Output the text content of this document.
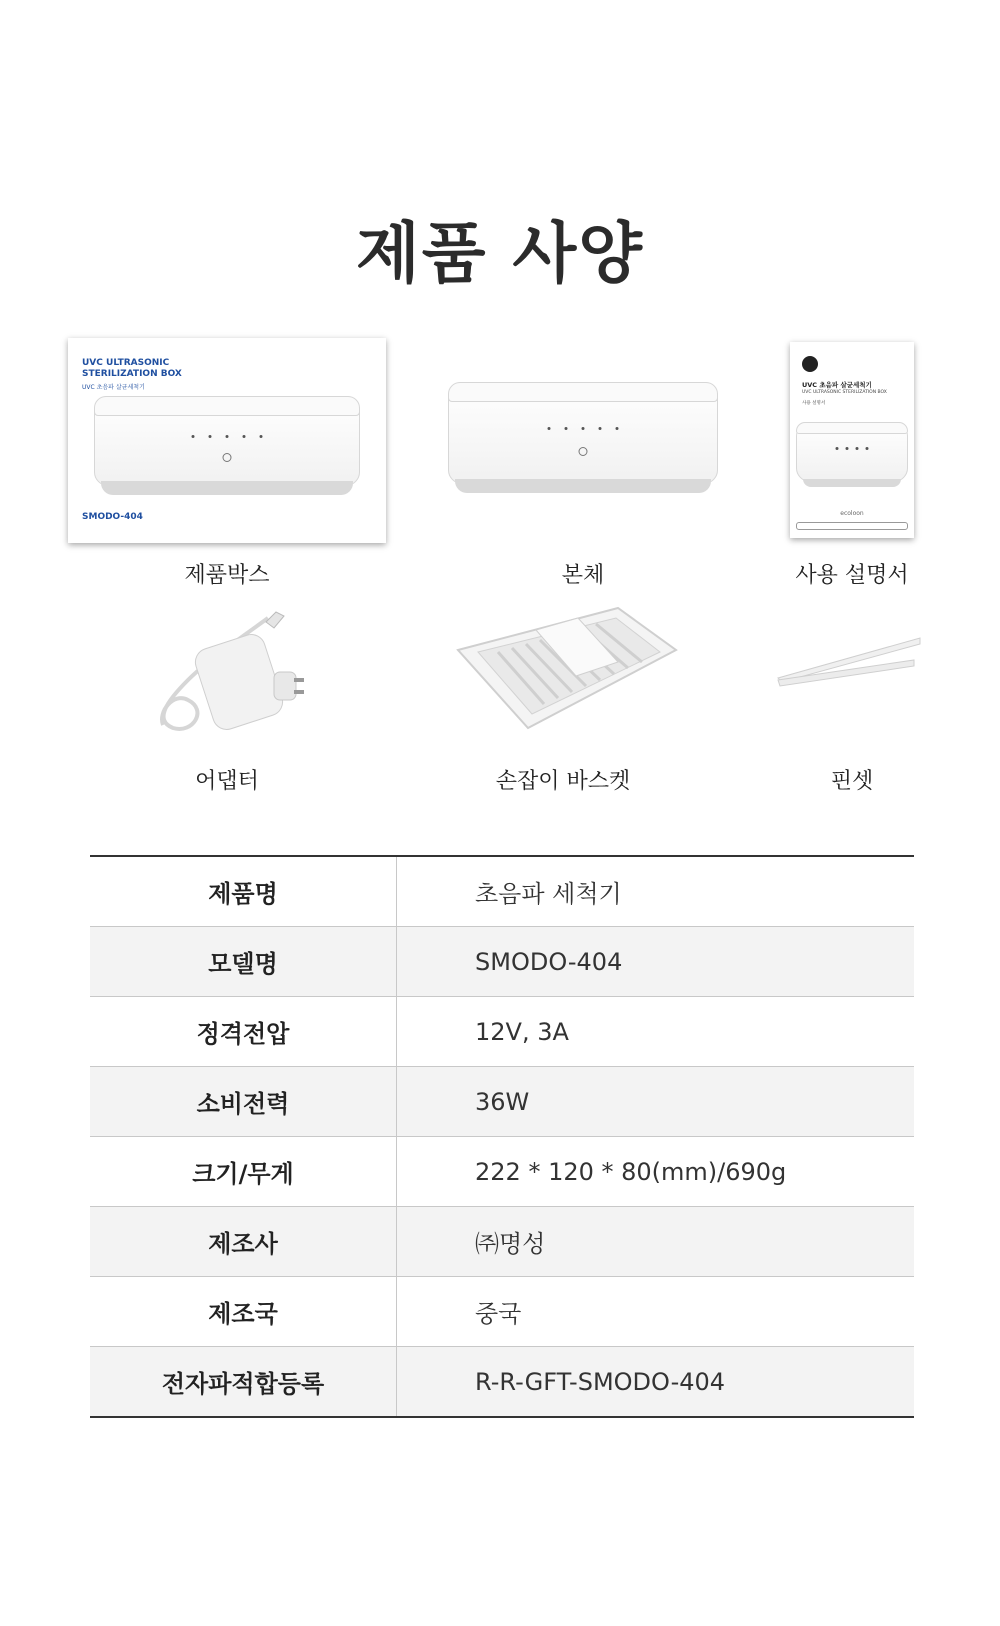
제품 사양
UVC ULTRASONIC
STERILIZATION BOX
UVC 초음파 살균세척기
SMODO-404
제품박스	본체
UVC 초음파 살균세척기
UVC ULTRASONIC STERILIZATION BOX
사용 설명서
ecoloon
사용 설명서
어댑터	손잡이 바스켓	핀셋
제품명	초음파 세척기
모델명	SMODO-404
정격전압	12V, 3A
소비전력	36W
크기/무게	222 * 120 * 80(mm)/690g
제조사	㈜명성
제조국	중국
전자파적합등록	R-R-GFT-SMODO-404
